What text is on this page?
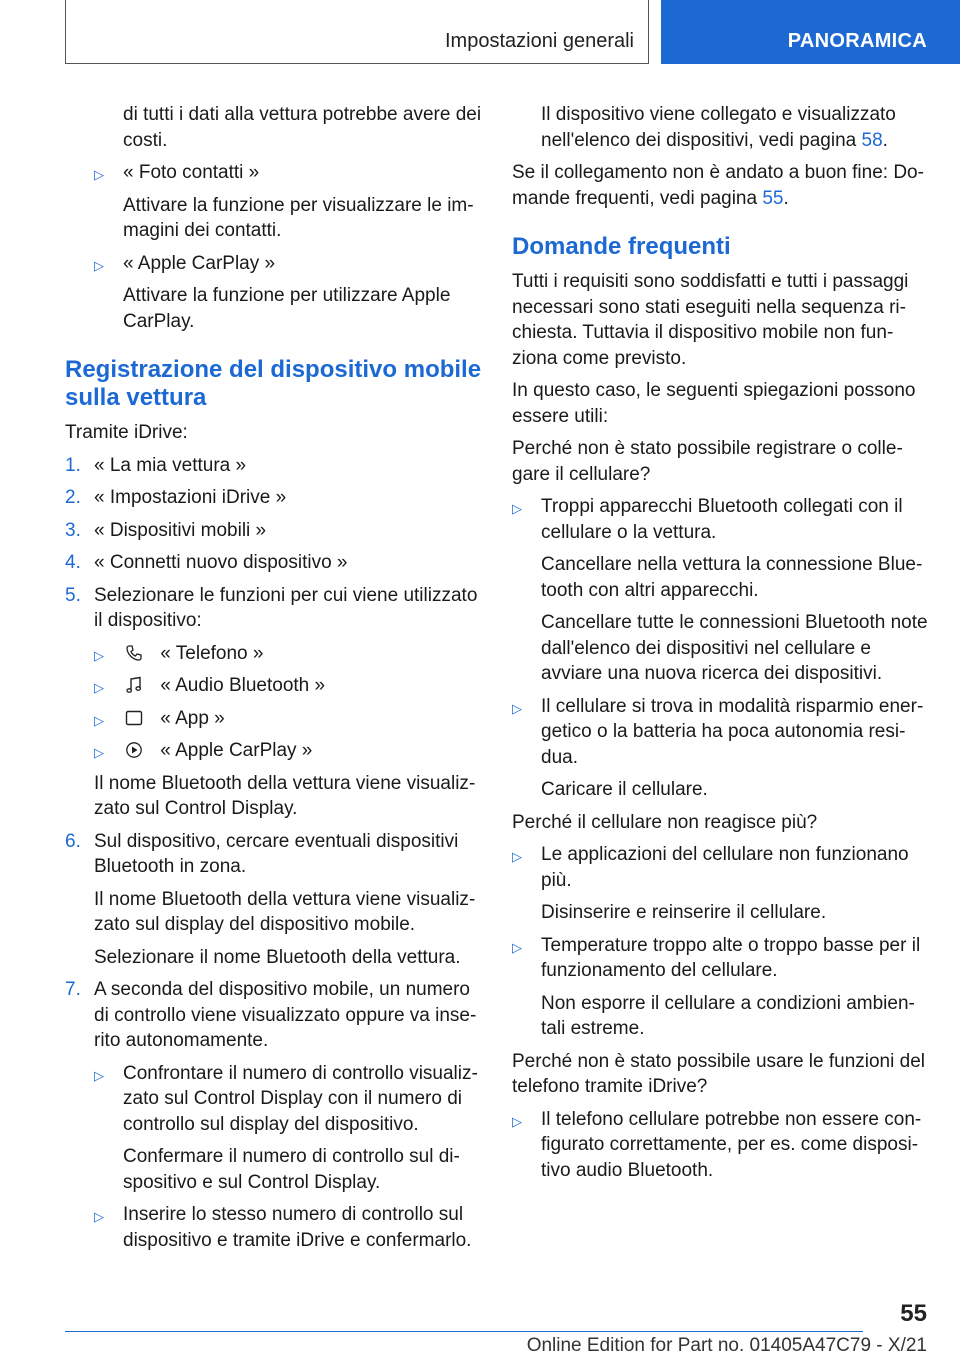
Impostazioni generali	PANORAMICA

di tutti i dati alla vettura potrebbe avere dei costi.

▷ « Foto contatti »

Attivare la funzione per visualizzare le immagini dei contatti.

▷ « Apple CarPlay »

Attivare la funzione per utilizzare Apple CarPlay.

Registrazione del dispositivo mobile sulla vettura

Tramite iDrive:

1. « La mia vettura »
2. « Impostazioni iDrive »
3. « Dispositivi mobili »
4. « Connetti nuovo dispositivo »
5. Selezionare le funzioni per cui viene utilizzato il dispositivo:
▷	« Telefono »
▷	« Audio Bluetooth »
▷	« App »
▷	« Apple CarPlay »

Il nome Bluetooth della vettura viene visualizzato sul Control Display.

6. Sul dispositivo, cercare eventuali dispositivi Bluetooth in zona.

Il nome Bluetooth della vettura viene visualizzato sul display del dispositivo mobile.

Selezionare il nome Bluetooth della vettura.

7. A seconda del dispositivo mobile, un numero di controllo viene visualizzato oppure va inserito autonomamente.
▷ Confrontare il numero di controllo visualizzato sul Control Display con il numero di controllo sul display del dispositivo.

Confermare il numero di controllo sul dispositivo e sul Control Display.

▷ Inserire lo stesso numero di controllo sul dispositivo e tramite iDrive e confermarlo.

Il dispositivo viene collegato e visualizzato nell'elenco dei dispositivi, vedi pagina 58.

Se il collegamento non è andato a buon fine: Domande frequenti, vedi pagina 55.

Domande frequenti

Tutti i requisiti sono soddisfatti e tutti i passaggi necessari sono stati eseguiti nella sequenza richiesta. Tuttavia il dispositivo mobile non funziona come previsto.

In questo caso, le seguenti spiegazioni possono essere utili:

Perché non è stato possibile registrare o collegare il cellulare?

▷ Troppi apparecchi Bluetooth collegati con il cellulare o la vettura.

Cancellare nella vettura la connessione Bluetooth con altri apparecchi.

Cancellare tutte le connessioni Bluetooth note dall'elenco dei dispositivi nel cellulare e avviare una nuova ricerca dei dispositivi.

▷ Il cellulare si trova in modalità risparmio energetico o la batteria ha poca autonomia residua.

Caricare il cellulare.

Perché il cellulare non reagisce più?

▷ Le applicazioni del cellulare non funzionano più.

Disinserire e reinserire il cellulare.

▷ Temperature troppo alte o troppo basse per il funzionamento del cellulare.

Non esporre il cellulare a condizioni ambientali estreme.

Perché non è stato possibile usare le funzioni del telefono tramite iDrive?

▷ Il telefono cellulare potrebbe non essere configurato correttamente, per es. come dispositivo audio Bluetooth.
55
Online Edition for Part no. 01405A47C79 - X/21
